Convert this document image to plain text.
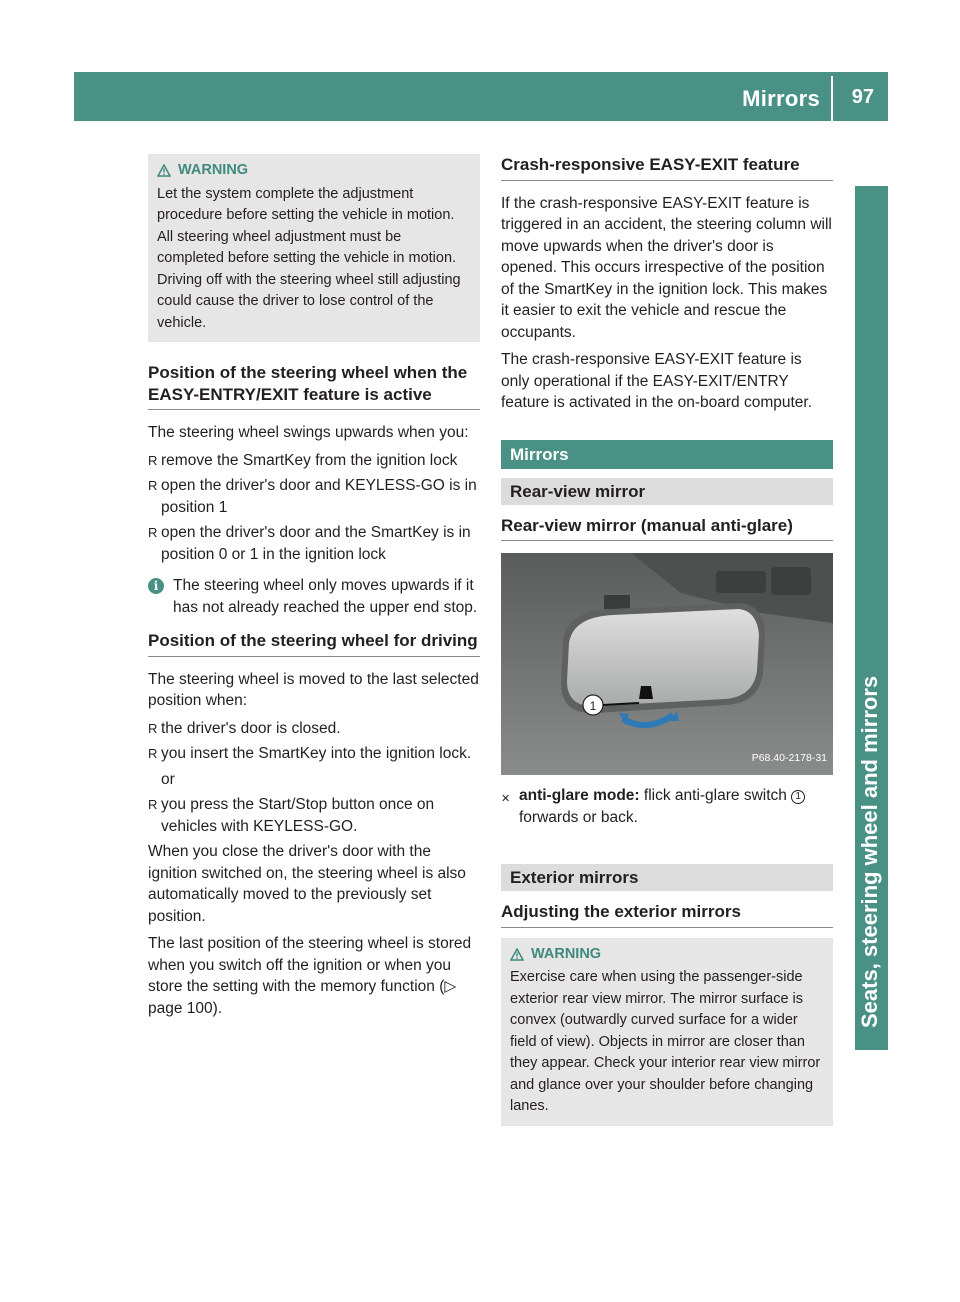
Mirrors 97
Seats, steering wheel and mirrors
WARNING
Let the system complete the adjustment procedure before setting the vehicle in motion. All steering wheel adjustment must be completed before setting the vehicle in motion. Driving off with the steering wheel still adjusting could cause the driver to lose control of the vehicle.
Position of the steering wheel when the EASY-ENTRY/EXIT feature is active

The steering wheel swings upwards when you:

R remove the SmartKey from the ignition lock
R open the driver's door and KEYLESS-GO is in position 1
R open the driver's door and the SmartKey is in position 0 or 1 in the ignition lock
i The steering wheel only moves upwards if it has not already reached the upper end stop.
Position of the steering wheel for driving

The steering wheel is moved to the last selected position when:

R the driver's door is closed.
R you insert the SmartKey into the ignition lock.
or
R you press the Start/Stop button once on vehicles with KEYLESS-GO.

When you close the driver's door with the ignition switched on, the steering wheel is also automatically moved to the previously set position.

The last position of the steering wheel is stored when you switch off the ignition or when you store the setting with the memory function (▷ page 100).

Crash-responsive EASY-EXIT feature

If the crash-responsive EASY-EXIT feature is triggered in an accident, the steering column will move upwards when the driver's door is opened. This occurs irrespective of the position of the SmartKey in the ignition lock. This makes it easier to exit the vehicle and rescue the occupants.

The crash-responsive EASY-EXIT feature is only operational if the EASY-EXIT/ENTRY feature is activated in the on-board computer.

Mirrors
Rear-view mirror
Rear-view mirror (manual anti-glare)
1
P68.40-2178-31
✕ anti-glare mode: flick anti-glare switch 1 forwards or back.
Exterior mirrors
Adjusting the exterior mirrors
WARNING
Exercise care when using the passenger-side exterior rear view mirror. The mirror surface is convex (outwardly curved surface for a wider field of view). Objects in mirror are closer than they appear. Check your interior rear view mirror and glance over your shoulder before changing lanes.
